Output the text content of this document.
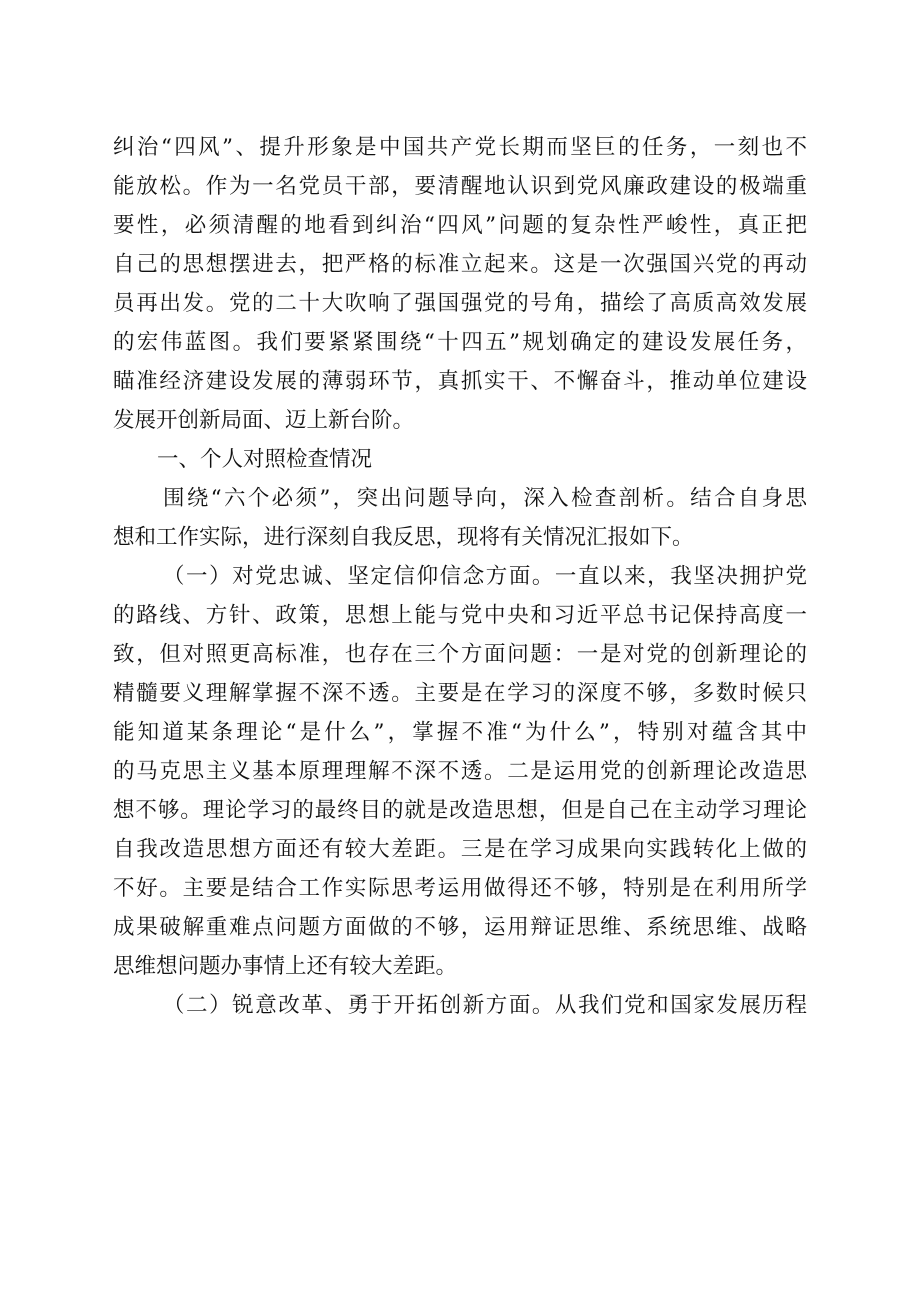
纠治“四风”、提升形象是中国共产党长期而坚巨的任务，一刻也不
能放松。作为一名党员干部，要清醒地认识到党风廉政建设的极端重
要性，必须清醒的地看到纠治“四风”问题的复杂性严峻性，真正把
自己的思想摆进去，把严格的标准立起来。这是一次强国兴党的再动
员再出发。党的二十大吹响了强国强党的号角，描绘了高质高效发展
的宏伟蓝图。我们要紧紧围绕“十四五”规划确定的建设发展任务，
瞄准经济建设发展的薄弱环节，真抓实干、不懈奋斗，推动单位建设
发展开创新局面、迈上新台阶。
一、个人对照检查情况
围绕“六个必须”，突出问题导向，深入检查剖析。结合自身思
想和工作实际，进行深刻自我反思，现将有关情况汇报如下。
（一）对党忠诚、坚定信仰信念方面。一直以来，我坚决拥护党
的路线、方针、政策，思想上能与党中央和习近平总书记保持高度一
致，但对照更高标准，也存在三个方面问题：一是对党的创新理论的
精髓要义理解掌握不深不透。主要是在学习的深度不够，多数时候只
能知道某条理论“是什么”，掌握不准“为什么”，特别对蕴含其中
的马克思主义基本原理理解不深不透。二是运用党的创新理论改造思
想不够。理论学习的最终目的就是改造思想，但是自己在主动学习理论
自我改造思想方面还有较大差距。三是在学习成果向实践转化上做的
不好。主要是结合工作实际思考运用做得还不够，特别是在利用所学
成果破解重难点问题方面做的不够，运用辩证思维、系统思维、战略
思维想问题办事情上还有较大差距。
（二）锐意改革、勇于开拓创新方面。从我们党和国家发展历程
